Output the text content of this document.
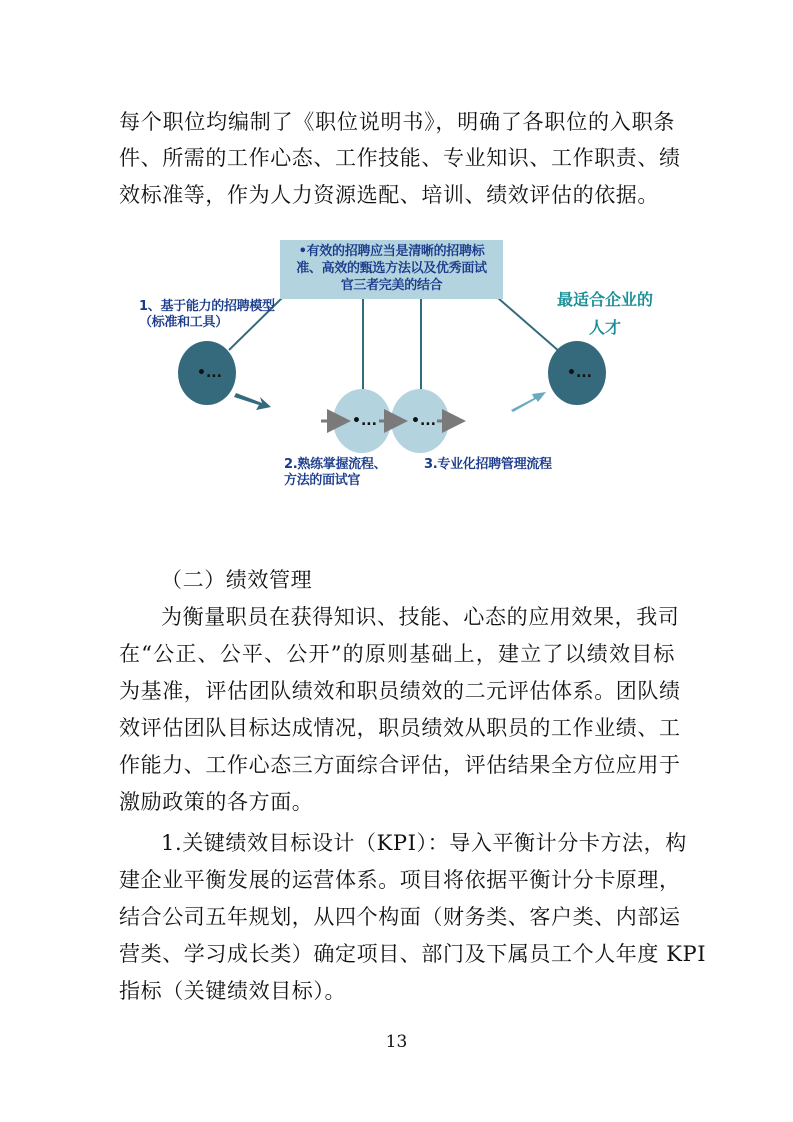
每个职位均编制了《职位说明书》，明确了各职位的入职条
件、所需的工作心态、工作技能、专业知识、工作职责、绩
效标准等，作为人力资源选配、培训、绩效评估的依据。
•...
•... •...
•...
•有效的招聘应当是清晰的招聘标
准、高效的甄选方法以及优秀面试
官三者完美的结合
1、基于能力的招聘模型
（标准和工具）
2.熟练掌握流程、
方法的面试官
3.专业化招聘管理流程
最适合企业的
人才
（二）绩效管理
为衡量职员在获得知识、技能、心态的应用效果，我司
在“公正、公平、公开”的原则基础上，建立了以绩效目标
为基准，评估团队绩效和职员绩效的二元评估体系。团队绩
效评估团队目标达成情况，职员绩效从职员的工作业绩、工
作能力、工作心态三方面综合评估，评估结果全方位应用于
激励政策的各方面。
1.关键绩效目标设计（KPI）：导入平衡计分卡方法，构
建企业平衡发展的运营体系。项目将依据平衡计分卡原理，
结合公司五年规划，从四个构面（财务类、客户类、内部运
营类、学习成长类）确定项目、部门及下属员工个人年度 KPI
指标（关键绩效目标）。
13
